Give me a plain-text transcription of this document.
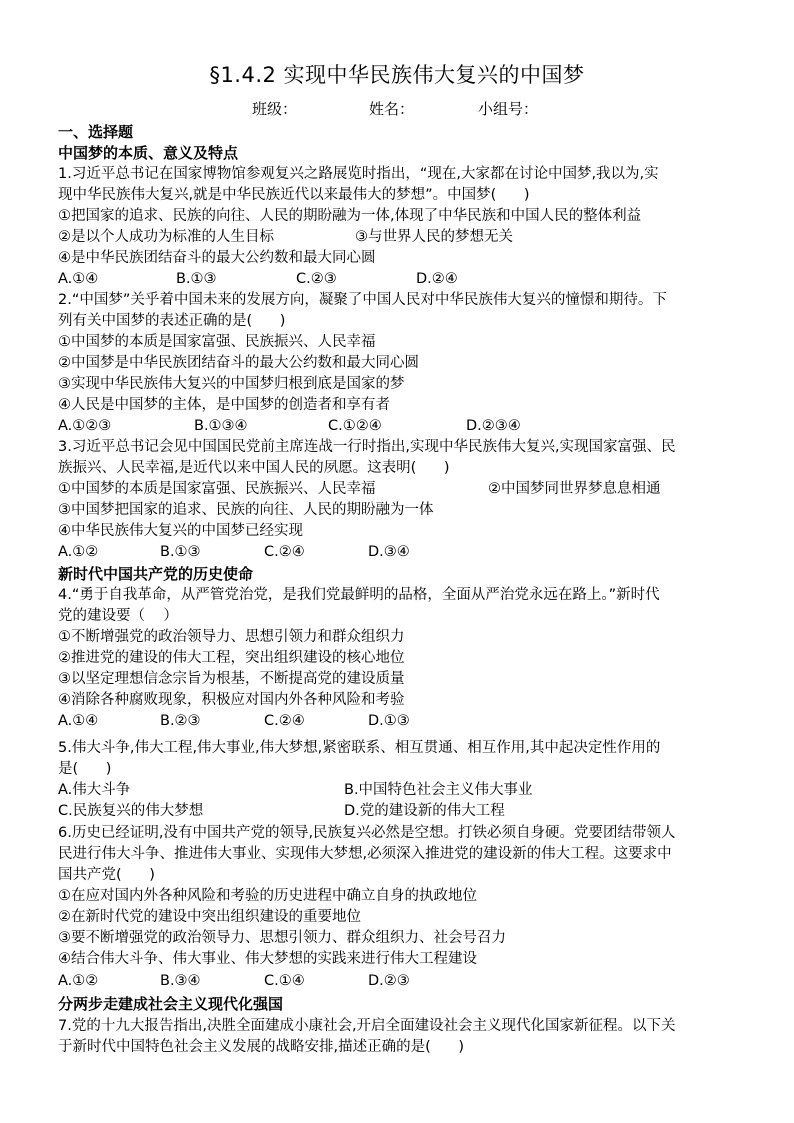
§1.4.2 实现中华民族伟大复兴的中国梦
班级：	姓名：	小组号：
一、选择题
中国梦的本质、意义及特点
1.习近平总书记在国家博物馆参观复兴之路展览时指出，“现在,大家都在讨论中国梦,我以为,实
现中华民族伟大复兴,就是中华民族近代以来最伟大的梦想”。中国梦(      )
①把国家的追求、民族的向往、人民的期盼融为一体,体现了中华民族和中国人民的整体利益
②是以个人成功为标准的人生目标	③与世界人民的梦想无关
④是中华民族团结奋斗的最大公约数和最大同心圆
A.①④	B.①③	C.②③	D.②④
2.“中国梦”关乎着中国未来的发展方向，凝聚了中国人民对中华民族伟大复兴的憧憬和期待。下
列有关中国梦的表述正确的是(      )
①中国梦的本质是国家富强、民族振兴、人民幸福
②中国梦是中华民族团结奋斗的最大公约数和最大同心圆
③实现中华民族伟大复兴的中国梦归根到底是国家的梦
④人民是中国梦的主体，是中国梦的创造者和享有者
A.①②③	B.①③④	C.①②④	D.②③④
3.习近平总书记会见中国国民党前主席连战一行时指出,实现中华民族伟大复兴,实现国家富强、民
族振兴、人民幸福,是近代以来中国人民的夙愿。这表明(      )
①中国梦的本质是国家富强、民族振兴、人民幸福	②中国梦同世界梦息息相通
③中国梦把国家的追求、民族的向往、人民的期盼融为一体
④中华民族伟大复兴的中国梦已经实现
A.①②	B.①③	C.②④	D.③④
新时代中国共产党的历史使命
4.“勇于自我革命，从严管党治党，是我们党最鲜明的品格，全面从严治党永远在路上。”新时代
党的建设要（    ）
①不断增强党的政治领导力、思想引领力和群众组织力
②推进党的建设的伟大工程，突出组织建设的核心地位
③以坚定理想信念宗旨为根基，不断提高党的建设质量
④消除各种腐败现象，积极应对国内外各种风险和考验
A.①④	B.②③	C.②④	D.①③
5.伟大斗争,伟大工程,伟大事业,伟大梦想,紧密联系、相互贯通、相互作用,其中起决定性作用的
是(      )
A.伟大斗争	B.中国特色社会主义伟大事业
C.民族复兴的伟大梦想	D.党的建设新的伟大工程
6.历史已经证明,没有中国共产党的领导,民族复兴必然是空想。打铁必须自身硬。党要团结带领人
民进行伟大斗争、推进伟大事业、实现伟大梦想,必须深入推进党的建设新的伟大工程。这要求中
国共产党(      )
①在应对国内外各种风险和考验的历史进程中确立自身的执政地位
②在新时代党的建设中突出组织建设的重要地位
③要不断增强党的政治领导力、思想引领力、群众组织力、社会号召力
④结合伟大斗争、伟大事业、伟大梦想的实践来进行伟大工程建设
A.①②	B.③④	C.①④	D.②③
分两步走建成社会主义现代化强国
7.党的十九大报告指出,决胜全面建成小康社会,开启全面建设社会主义现代化国家新征程。以下关
于新时代中国特色社会主义发展的战略安排,描述正确的是(      )
